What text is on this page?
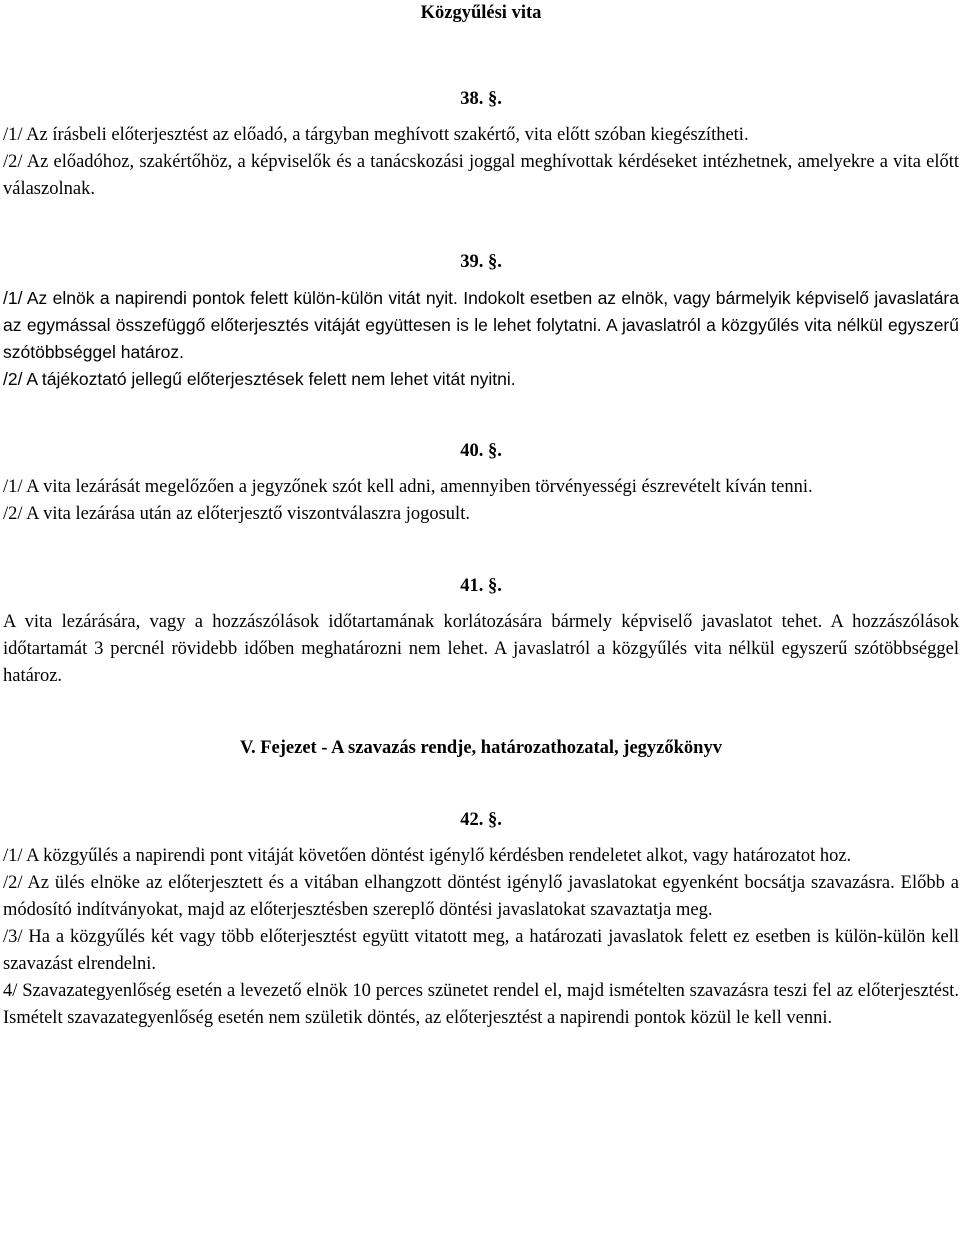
Közgyűlési vita
38. §.

/1/ Az írásbeli előterjesztést az előadó, a tárgyban meghívott szakértő, vita előtt szóban kiegészítheti.

/2/ Az előadóhoz, szakértőhöz, a képviselők és a tanácskozási joggal meghívottak kérdéseket intézhetnek, amelyekre a vita előtt válaszolnak.

39. §.

/1/ Az elnök a napirendi pontok felett külön-külön vitát nyit. Indokolt esetben az elnök, vagy bármelyik képviselő javaslatára az egymással összefüggő előterjesztés vitáját együttesen is le lehet folytatni. A javaslatról a közgyűlés vita nélkül egyszerű szótöbbséggel határoz.

/2/ A tájékoztató jellegű előterjesztések felett nem lehet vitát nyitni.

40. §.

/1/ A vita lezárását megelőzően a jegyzőnek szót kell adni, amennyiben törvényességi észrevételt kíván tenni.

/2/ A vita lezárása után az előterjesztő viszontválaszra jogosult.

41. §.

A vita lezárására, vagy a hozzászólások időtartamának korlátozására bármely képviselő javaslatot tehet. A hozzászólások időtartamát 3 percnél rövidebb időben meghatározni nem lehet. A javaslatról a közgyűlés vita nélkül egyszerű szótöbbséggel határoz.

V. Fejezet - A szavazás rendje, határozathozatal, jegyzőkönyv
42. §.

/1/ A közgyűlés a napirendi pont vitáját követően döntést igénylő kérdésben rendeletet alkot, vagy határozatot hoz.

/2/ Az ülés elnöke az előterjesztett és a vitában elhangzott döntést igénylő javaslatokat egyenként bocsátja szavazásra. Előbb a módosító indítványokat, majd az előterjesztésben szereplő döntési javaslatokat szavaztatja meg.

/3/ Ha a közgyűlés két vagy több előterjesztést együtt vitatott meg, a határozati javaslatok felett ez esetben is külön-külön kell szavazást elrendelni.

4/ Szavazategyenlőség esetén a levezető elnök 10 perces szünetet rendel el, majd ismételten szavazásra teszi fel az előterjesztést. Ismételt szavazategyenlőség esetén nem születik döntés, az előterjesztést a napirendi pontok közül le kell venni.
